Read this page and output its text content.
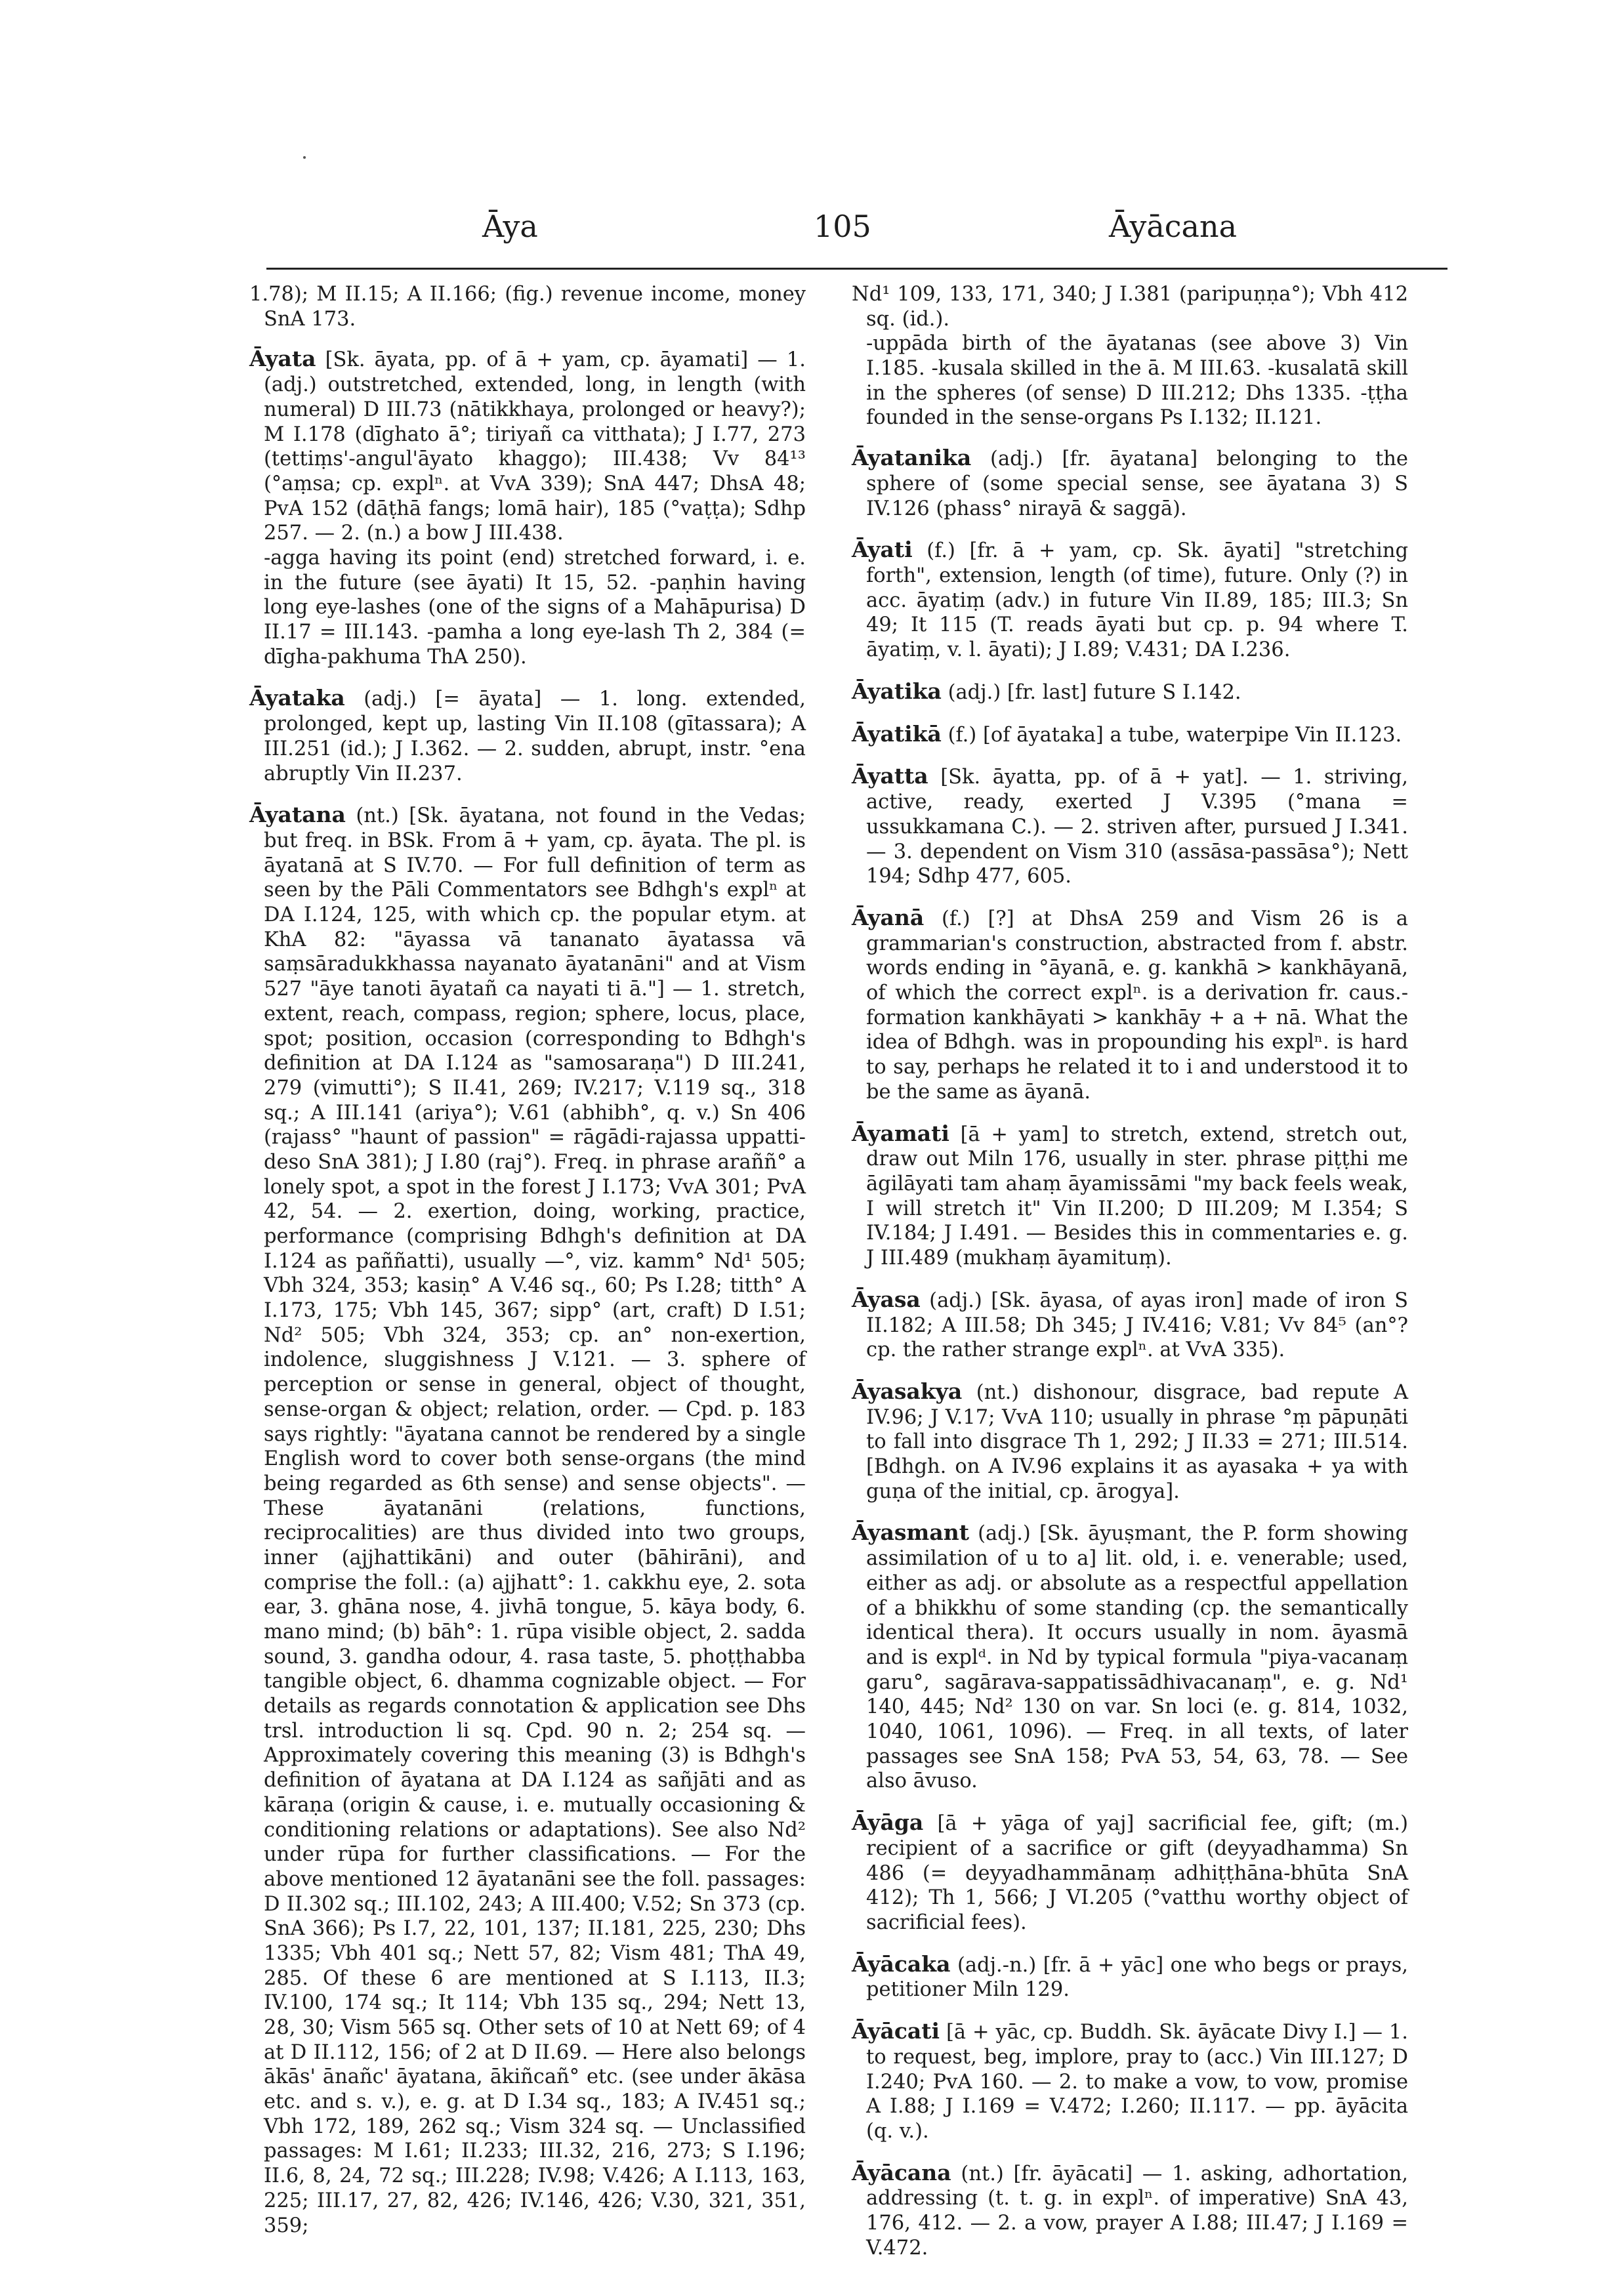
Āya	105	Āyācana

1.78); M II.15; A II.166; (fig.) revenue income, money SnA 173.

Āyata [Sk. āyata, pp. of ā + yam, cp. āyamati] — 1. (adj.) outstretched, extended, long, in length (with numeral) D III.73 (nātikkhaya, prolonged or heavy?); M I.178 (dīghato ā°; tiriyañ ca vitthata); J I.77, 273 (tettiṃs'-angul'āyato khaggo); III.438; Vv 84¹³ (°aṃsa; cp. explⁿ. at VvA 339); SnA 447; DhsA 48; PvA 152 (dāṭhā fangs; lomā hair), 185 (°vaṭṭa); Sdhp 257. — 2. (n.) a bow J III.438.

-agga having its point (end) stretched forward, i. e. in the future (see āyati) It 15, 52. -paṇhin having long eye-lashes (one of the signs of a Mahāpurisa) D II.17 = III.143. -pamha a long eye-lash Th 2, 384 (= dīgha-pakhuma ThA 250).

Āyataka (adj.) [= āyata] — 1. long. extended, prolonged, kept up, lasting Vin II.108 (gītassara); A III.251 (id.); J I.362. — 2. sudden, abrupt, instr. °ena abruptly Vin II.237.

Āyatana (nt.) [Sk. āyatana, not found in the Vedas; but freq. in BSk. From ā + yam, cp. āyata. The pl. is āyatanā at S IV.70. — For full definition of term as seen by the Pāli Commentators see Bdhgh's explⁿ at DA I.124, 125, with which cp. the popular etym. at KhA 82: "āyassa vā tananato āyatassa vā saṃsāradukkhassa nayanato āyatanāni" and at Vism 527 "āye tanoti āyatañ ca nayati ti ā."] — 1. stretch, extent, reach, compass, region; sphere, locus, place, spot; position, occasion (corresponding to Bdhgh's definition at DA I.124 as "samosaraṇa") D III.241, 279 (vimutti°); S II.41, 269; IV.217; V.119 sq., 318 sq.; A III.141 (ariya°); V.61 (abhibh°, q. v.) Sn 406 (rajass° "haunt of passion" = rāgādi-rajassa uppatti-deso SnA 381); J I.80 (raj°). Freq. in phrase araññ° a lonely spot, a spot in the forest J I.173; VvA 301; PvA 42, 54. — 2. exertion, doing, working, practice, performance (comprising Bdhgh's definition at DA I.124 as paññatti), usually —°, viz. kamm° Nd¹ 505; Vbh 324, 353; kasiṇ° A V.46 sq., 60; Ps I.28; titth° A I.173, 175; Vbh 145, 367; sipp° (art, craft) D I.51; Nd² 505; Vbh 324, 353; cp. an° non-exertion, indolence, sluggishness J V.121. — 3. sphere of perception or sense in general, object of thought, sense-organ & object; relation, order. — Cpd. p. 183 says rightly: "āyatana cannot be rendered by a single English word to cover both sense-organs (the mind being regarded as 6th sense) and sense objects". — These āyatanāni (relations, functions, reciprocalities) are thus divided into two groups, inner (ajjhattikāni) and outer (bāhirāni), and comprise the foll.: (a) ajjhatt°: 1. cakkhu eye, 2. sota ear, 3. ghāna nose, 4. jivhā tongue, 5. kāya body, 6. mano mind; (b) bāh°: 1. rūpa visible object, 2. sadda sound, 3. gandha odour, 4. rasa taste, 5. phoṭṭhabba tangible object, 6. dhamma cognizable object. — For details as regards connotation & application see Dhs trsl. introduction li sq. Cpd. 90 n. 2; 254 sq. — Approximately covering this meaning (3) is Bdhgh's definition of āyatana at DA I.124 as sañjāti and as kāraṇa (origin & cause, i. e. mutually occasioning & conditioning relations or adaptations). See also Nd² under rūpa for further classifications. — For the above mentioned 12 āyatanāni see the foll. passages: D II.302 sq.; III.102, 243; A III.400; V.52; Sn 373 (cp. SnA 366); Ps I.7, 22, 101, 137; II.181, 225, 230; Dhs 1335; Vbh 401 sq.; Nett 57, 82; Vism 481; ThA 49, 285. Of these 6 are mentioned at S I.113, II.3; IV.100, 174 sq.; It 114; Vbh 135 sq., 294; Nett 13, 28, 30; Vism 565 sq. Other sets of 10 at Nett 69; of 4 at D II.112, 156; of 2 at D II.69. — Here also belongs ākās' ānañc' āyatana, ākiñcañ° etc. (see under ākāsa etc. and s. v.), e. g. at D I.34 sq., 183; A IV.451 sq.; Vbh 172, 189, 262 sq.; Vism 324 sq. — Unclassified passages: M I.61; II.233; III.32, 216, 273; S I.196; II.6, 8, 24, 72 sq.; III.228; IV.98; V.426; A I.113, 163, 225; III.17, 27, 82, 426; IV.146, 426; V.30, 321, 351, 359;

Nd¹ 109, 133, 171, 340; J I.381 (paripuṇṇa°); Vbh 412 sq. (id.).

-uppāda birth of the āyatanas (see above 3) Vin I.185. -kusala skilled in the ā. M III.63. -kusalatā skill in the spheres (of sense) D III.212; Dhs 1335. -ṭṭha founded in the sense-organs Ps I.132; II.121.

Āyatanika (adj.) [fr. āyatana] belonging to the sphere of (some special sense, see āyatana 3) S IV.126 (phass° nirayā & saggā).

Āyati (f.) [fr. ā + yam, cp. Sk. āyati] "stretching forth", extension, length (of time), future. Only (?) in acc. āyatiṃ (adv.) in future Vin II.89, 185; III.3; Sn 49; It 115 (T. reads āyati but cp. p. 94 where T. āyatiṃ, v. l. āyati); J I.89; V.431; DA I.236.

Āyatika (adj.) [fr. last] future S I.142.

Āyatikā (f.) [of āyataka] a tube, waterpipe Vin II.123.

Āyatta [Sk. āyatta, pp. of ā + yat]. — 1. striving, active, ready, exerted J V.395 (°mana = ussukkamana C.). — 2. striven after, pursued J I.341. — 3. dependent on Vism 310 (assāsa-passāsa°); Nett 194; Sdhp 477, 605.

Āyanā (f.) [?] at DhsA 259 and Vism 26 is a grammarian's construction, abstracted from f. abstr. words ending in °āyanā, e. g. kankhā > kankhāyanā, of which the correct explⁿ. is a derivation fr. caus.-formation kankhāyati > kankhāy + a + nā. What the idea of Bdhgh. was in propounding his explⁿ. is hard to say, perhaps he related it to i and understood it to be the same as āyanā.

Āyamati [ā + yam] to stretch, extend, stretch out, draw out Miln 176, usually in ster. phrase piṭṭhi me āgilāyati tam ahaṃ āyamissāmi "my back feels weak, I will stretch it" Vin II.200; D III.209; M I.354; S IV.184; J I.491. — Besides this in commentaries e. g. J III.489 (mukhaṃ āyamituṃ).

Āyasa (adj.) [Sk. āyasa, of ayas iron] made of iron S II.182; A III.58; Dh 345; J IV.416; V.81; Vv 84⁵ (an°? cp. the rather strange explⁿ. at VvA 335).

Āyasakya (nt.) dishonour, disgrace, bad repute A IV.96; J V.17; VvA 110; usually in phrase °ṃ pāpuṇāti to fall into disgrace Th 1, 292; J II.33 = 271; III.514. [Bdhgh. on A IV.96 explains it as ayasaka + ya with guṇa of the initial, cp. ārogya].

Āyasmant (adj.) [Sk. āyuṣmant, the P. form showing assimilation of u to a] lit. old, i. e. venerable; used, either as adj. or absolute as a respectful appellation of a bhikkhu of some standing (cp. the semantically identical thera). It occurs usually in nom. āyasmā and is explᵈ. in Nd by typical formula "piya-vacanaṃ garu°, sagārava-sappatissādhivacanaṃ", e. g. Nd¹ 140, 445; Nd² 130 on var. Sn loci (e. g. 814, 1032, 1040, 1061, 1096). — Freq. in all texts, of later passages see SnA 158; PvA 53, 54, 63, 78. — See also āvuso.

Āyāga [ā + yāga of yaj] sacrificial fee, gift; (m.) recipient of a sacrifice or gift (deyyadhamma) Sn 486 (= deyyadhammānaṃ adhiṭṭhāna-bhūta SnA 412); Th 1, 566; J VI.205 (°vatthu worthy object of sacrificial fees).

Āyācaka (adj.-n.) [fr. ā + yāc] one who begs or prays, petitioner Miln 129.

Āyācati [ā + yāc, cp. Buddh. Sk. āyācate Divy I.] — 1. to request, beg, implore, pray to (acc.) Vin III.127; D I.240; PvA 160. — 2. to make a vow, to vow, promise A I.88; J I.169 = V.472; I.260; II.117. — pp. āyācita (q. v.).

Āyācana (nt.) [fr. āyācati] — 1. asking, adhortation, addressing (t. t. g. in explⁿ. of imperative) SnA 43, 176, 412. — 2. a vow, prayer A I.88; III.47; J I.169 = V.472.
